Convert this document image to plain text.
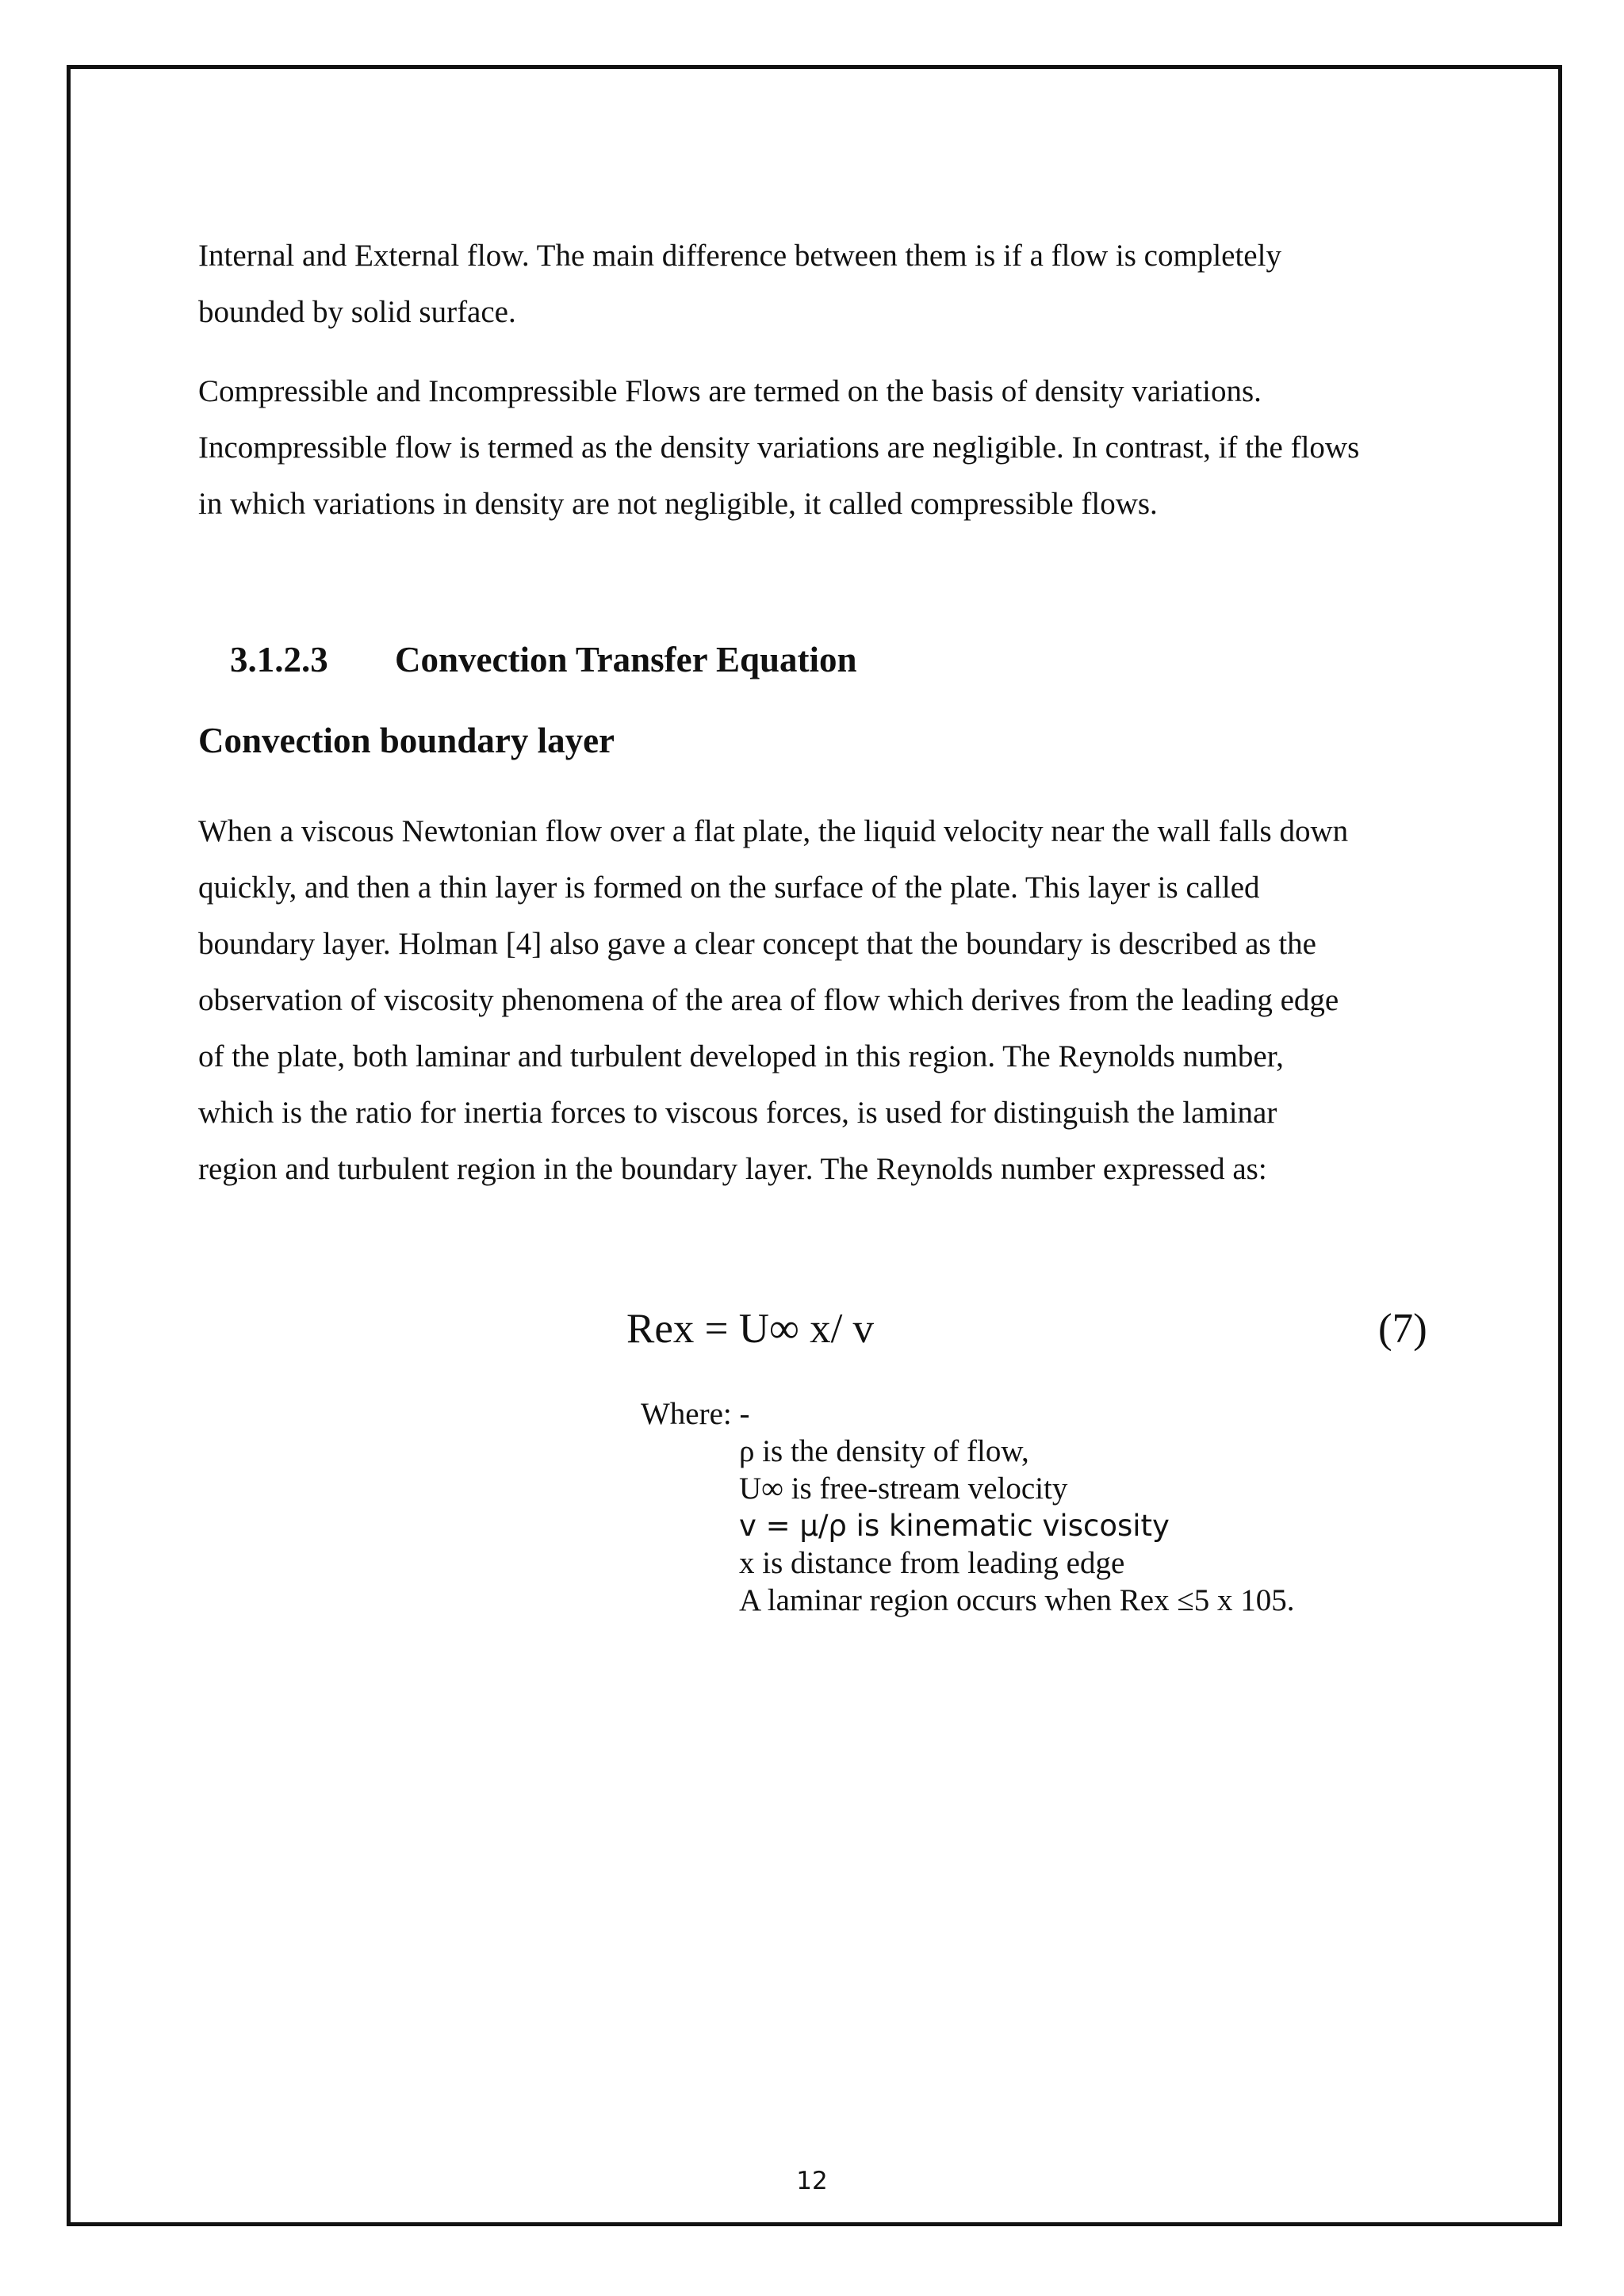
Internal and External flow. The main difference between them is if a flow is completely
bounded by solid surface.

Compressible and Incompressible Flows are termed on the basis of density variations.
Incompressible flow is termed as the density variations are negligible. In contrast, if the flows
in which variations in density are not negligible, it called compressible flows.

3.1.2.3 Convection Transfer Equation
Convection boundary layer

When a viscous Newtonian flow over a flat plate, the liquid velocity near the wall falls down
quickly, and then a thin layer is formed on the surface of the plate. This layer is called
boundary layer. Holman [4] also gave a clear concept that the boundary is described as the
observation of viscosity phenomena of the area of flow which derives from the leading edge
of the plate, both laminar and turbulent developed in this region. The Reynolds number,
which is the ratio for inertia forces to viscous forces, is used for distinguish the laminar
region and turbulent region in the boundary layer. The Reynolds number expressed as:

Rex = U∞ x/ v	(7)
Where: -
ρ is the density of flow,
U∞ is free-stream velocity
v = μ/ρ is kinematic viscosity
x is distance from leading edge
A laminar region occurs when Rex ≤5 x 105.
12
